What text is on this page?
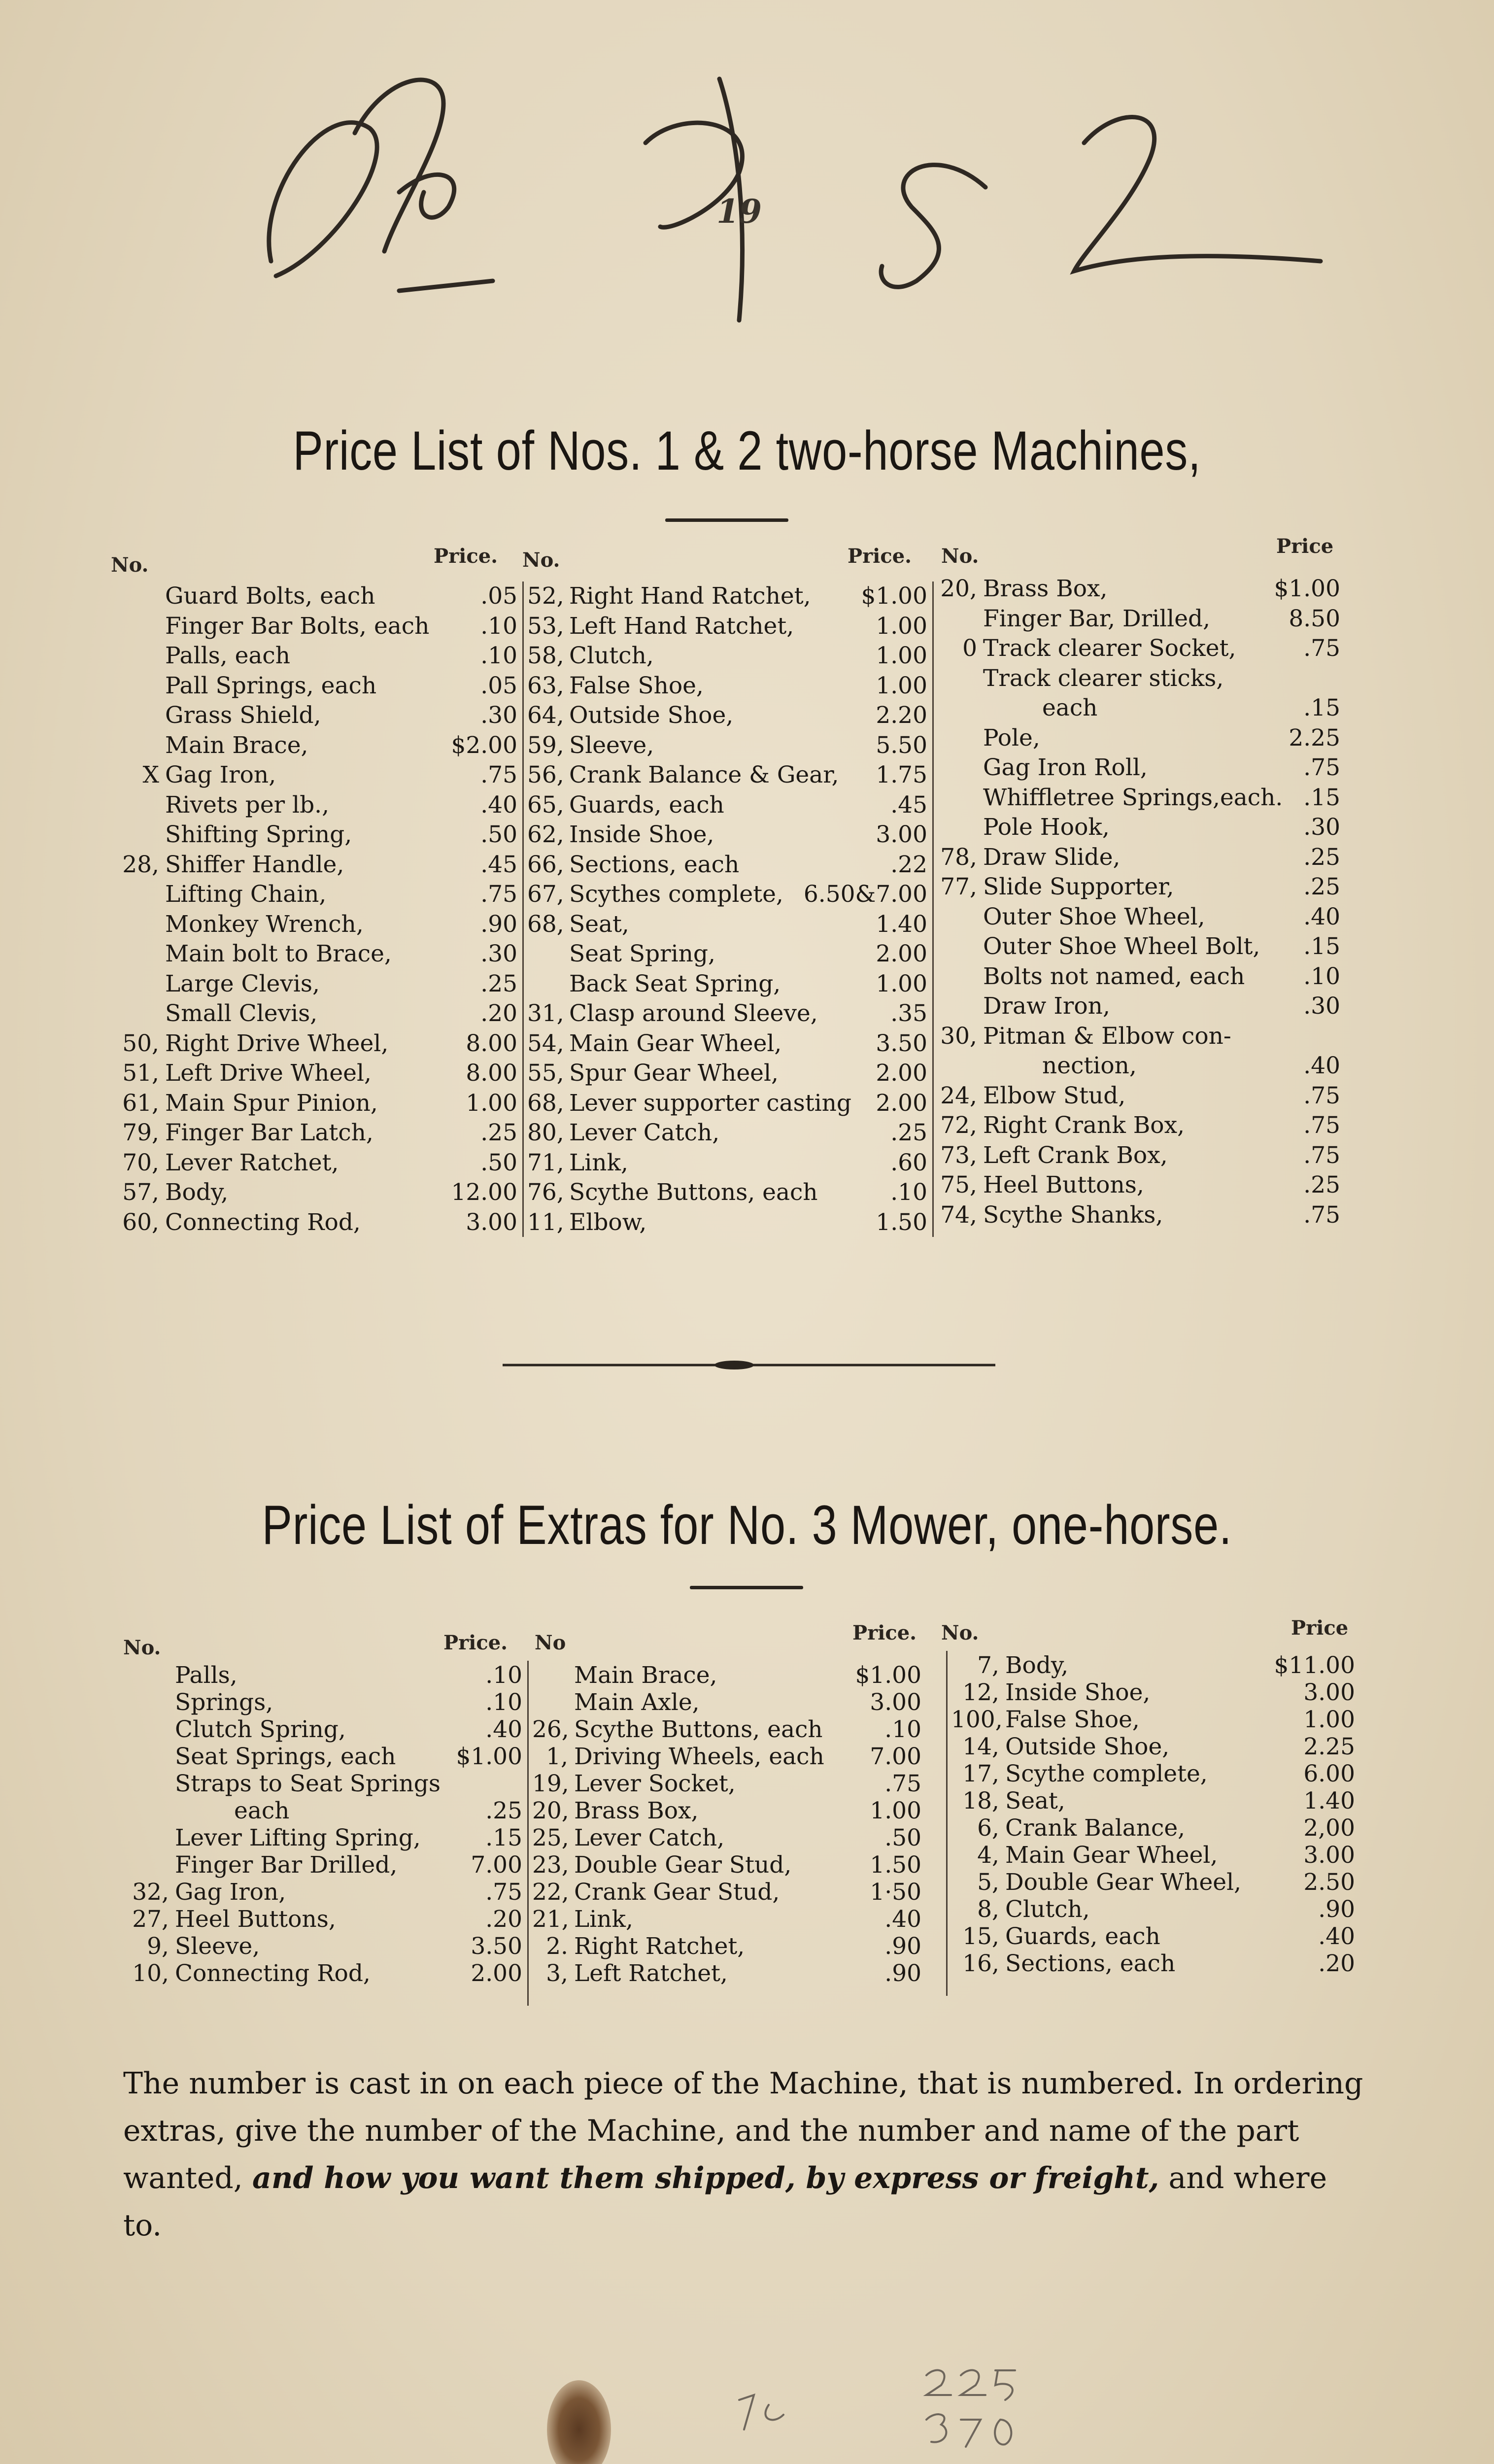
19
Price List of Nos. 1 & 2 two-horse Machines,
No.	Price. No.	Price. No.	Price
Guard Bolts, each	.05
Finger Bar Bolts, each .10
Palls, each	.10
Pall Springs, each	.05
Grass Shield,	.30
Main Brace,	$2.00
X Gag Iron,	.75
Rivets per lb.,	.40
Shifting Spring,	.50
28, Shiffer Handle,	.45
Lifting Chain,	.75
Monkey Wrench,	.90
Main bolt to Brace,	.30
Large Clevis,	.25
Small Clevis,	.20
50, Right Drive Wheel,	8.00
51, Left Drive Wheel,	8.00
61, Main Spur Pinion,	1.00
79, Finger Bar Latch,	.25
70, Lever Ratchet,	.50
57, Body,	12.00
60, Connecting Rod,	3.00
52, Right Hand Ratchet, $1.00
53, Left Hand Ratchet,	1.00
58, Clutch,	1.00
63, False Shoe,	1.00
64, Outside Shoe,	2.20
59, Sleeve,	5.50
56, Crank Balance & Gear, 1.75
65, Guards, each	.45
62, Inside Shoe,	3.00
66, Sections, each	.22
67, Scythes complete, 6.50&7.00
68, Seat,	1.40
Seat Spring,	2.00
Back Seat Spring,	1.00
31, Clasp around Sleeve,	.35
54, Main Gear Wheel,	3.50
55, Spur Gear Wheel,	2.00
68, Lever supporter casting 2.00
80, Lever Catch,	.25
71, Link,	.60
76, Scythe Buttons, each	.10
11, Elbow,	1.50
20, Brass Box,	$1.00
Finger Bar, Drilled,	8.50
0 Track clearer Socket,	.75
Track clearer sticks,
each	.15
Pole,	2.25
Gag Iron Roll,	.75
Whiffletree Springs,each. .15
Pole Hook,	.30
78, Draw Slide,	.25
77, Slide Supporter,	.25
Outer Shoe Wheel,	.40
Outer Shoe Wheel Bolt, .15
Bolts not named, each	.10
Draw Iron,	.30
30, Pitman & Elbow con-
nection,	.40
24, Elbow Stud,	.75
72, Right Crank Box,	.75
73, Left Crank Box,	.75
75, Heel Buttons,	.25
74, Scythe Shanks,	.75
Price List of Extras for No. 3 Mower, one-horse.
No.	Price. No	Price. No.	Price
Palls,	.10
Springs,	.10
Clutch Spring,	.40
Seat Springs, each	$1.00
Straps to Seat Springs
each	.25
Lever Lifting Spring,	.15
Finger Bar Drilled,	7.00
32, Gag Iron,	.75
27, Heel Buttons,	.20
9, Sleeve,	3.50
10, Connecting Rod,	2.00
Main Brace,	$1.00
Main Axle,	3.00
26, Scythe Buttons, each	.10
1, Driving Wheels, each 7.00
19, Lever Socket,	.75
20, Brass Box,	1.00
25, Lever Catch,	.50
23, Double Gear Stud,	1.50
22, Crank Gear Stud,	1·50
21, Link,	.40
2. Right Ratchet,	.90
3, Left Ratchet,	.90
7, Body,	$11.00
12, Inside Shoe,	3.00
100, False Shoe,	1.00
14, Outside Shoe,	2.25
17, Scythe complete,	6.00
18, Seat,	1.40
6, Crank Balance,	2,00
4, Main Gear Wheel,	3.00
5, Double Gear Wheel,	2.50
8, Clutch,	.90
15, Guards, each	.40
16, Sections, each	.20
The number is cast in on each piece of the Machine, that is numbered. In ordering extras, give the number of the Machine, and the number and name of the part wanted, and how you want them shipped, by express or freight, and where to.
